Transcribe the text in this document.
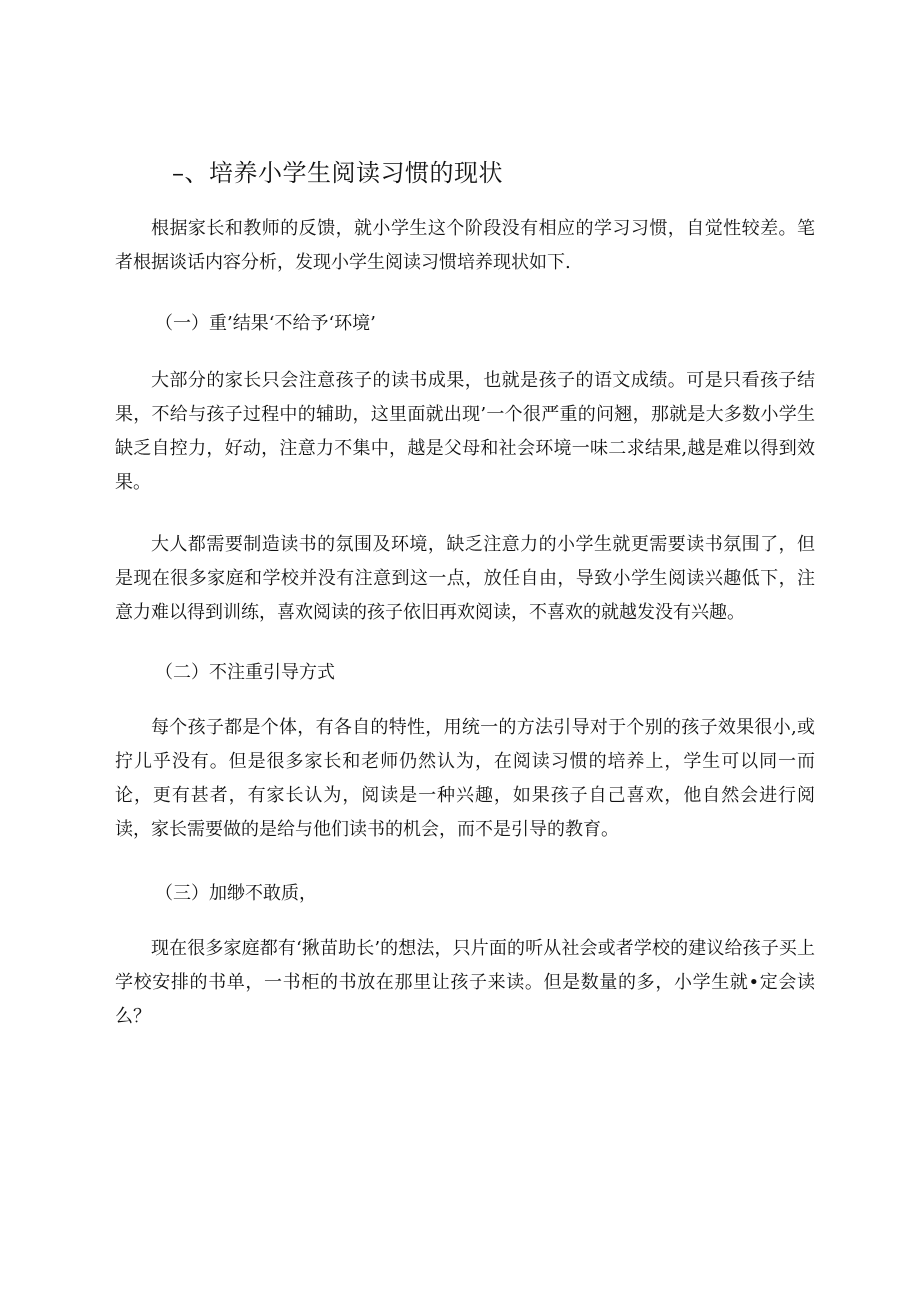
–、培养小学生阅读习惯的现状

根据家长和教师的反馈，就小学生这个阶段没有相应的学习习惯，自觉性较差。笔者根据谈话内容分析，发现小学生阅读习惯培养现状如下.

（一）重’结果‘不给予‘环境’

大部分的家长只会注意孩子的读书成果，也就是孩子的语文成绩。可是只看孩子结果，不给与孩子过程中的辅助，这里面就出现’一个很严重的问翘，那就是大多数小学生缺乏自控力，好动，注意力不集中，越是父母和社会环境一味二求结果,越是难以得到效果。

大人都需要制造读书的氛围及环境，缺乏注意力的小学生就更需要读书氛围了，但是现在很多家庭和学校并没有注意到这一点，放任自由，导致小学生阅读兴趣低下，注意力难以得到训练，喜欢阅读的孩子依旧再欢阅读，不喜欢的就越发没有兴趣。

（二）不注重引导方式

每个孩子都是个体，有各自的特性，用统一的方法引导对于个别的孩子效果很小,或拧儿乎没有。但是很多家长和老师仍然认为，在阅读习惯的培养上，学生可以同一而论，更有甚者，有家长认为，阅读是一种兴趣，如果孩子自己喜欢，他自然会进行阅读，家长需要做的是给与他们读书的机会，而不是引导的教育。

（三）加缈不敢质，

现在很多家庭都有‘揪苗助长’的想法，只片面的听从社会或者学校的建议给孩子买上学校安排的书单，一书柜的书放在那里让孩子来读。但是数量的多，小学生就•定会读么？
